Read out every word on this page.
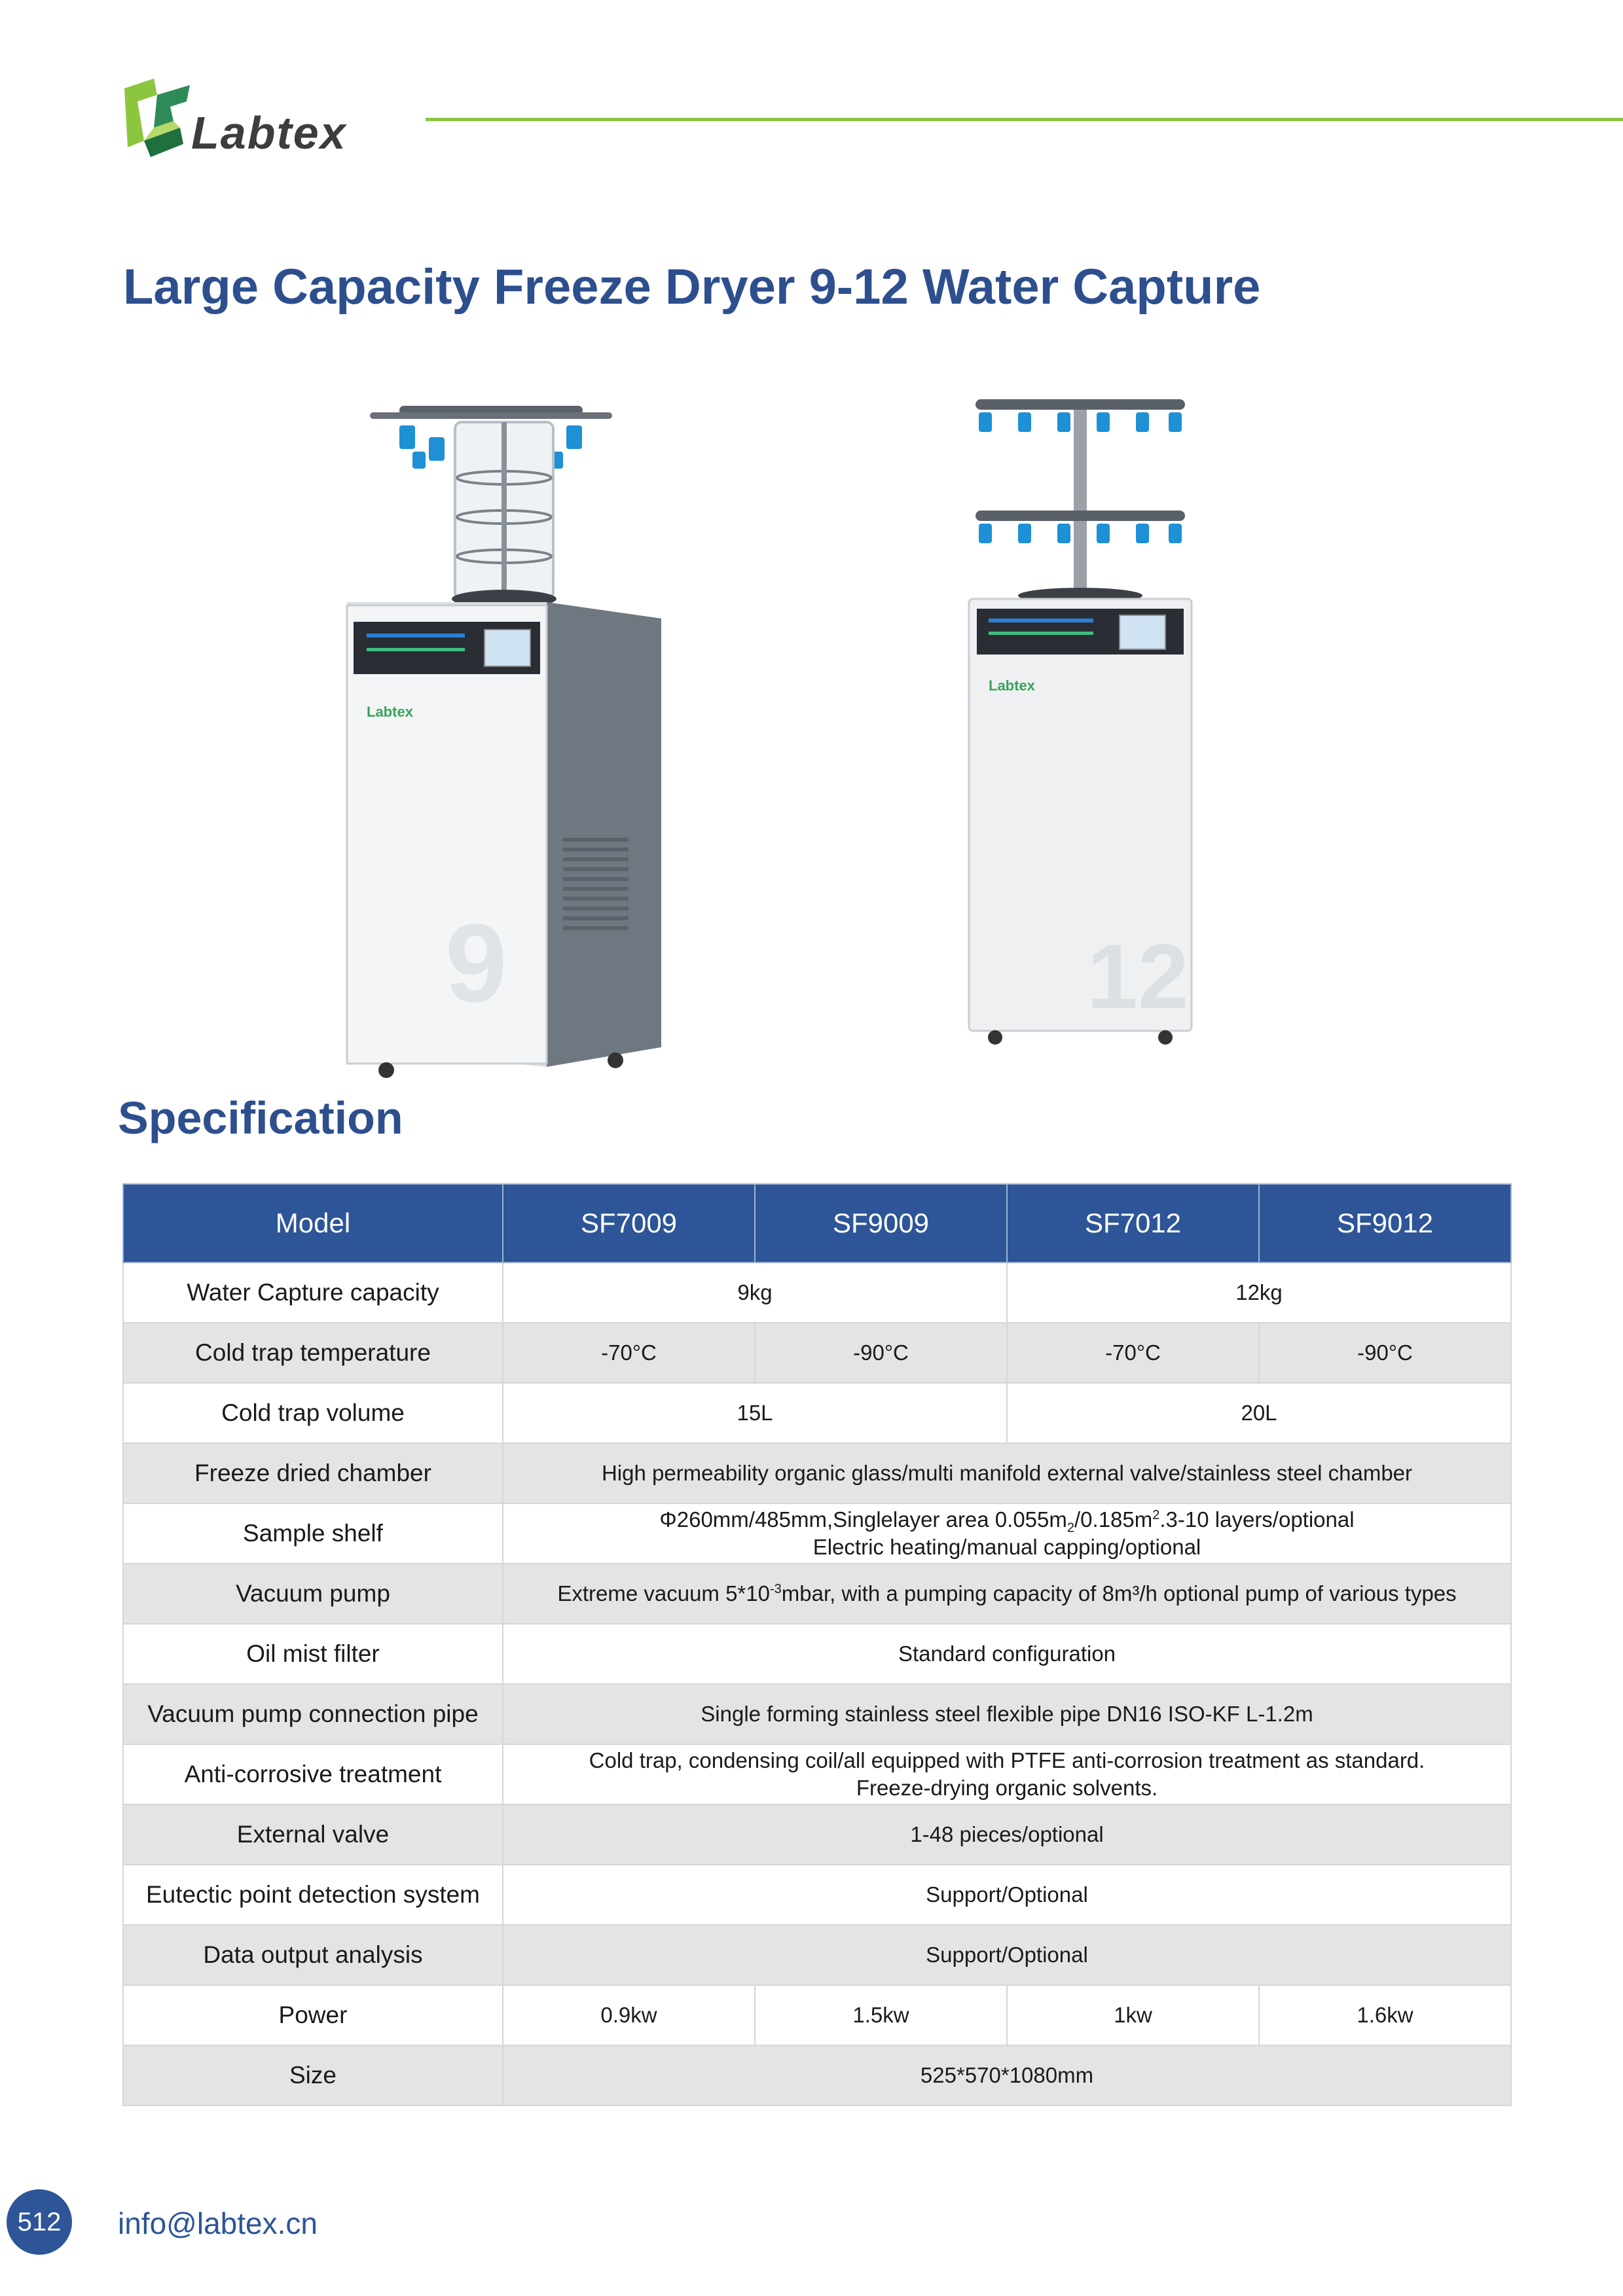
Labtex
Large Capacity Freeze Dryer 9-12 Water Capture
Labtex
9
Labtex
12
Specification
Model	SF7009	SF9009	SF7012	SF9012
Water Capture capacity	9kg		12kg	
Cold trap temperature	-70°C	-90°C	-70°C	-90°C
Cold trap volume	15L		20L	
Freeze dried chamber	High permeability organic glass/multi manifold external valve/stainless steel chamber			
Sample shelf	Φ260mm/485mm,Singlelayer area $0.055m_2/0.185m^2.3-10$ layers/optional
Electric heating/manual capping/optional			

Vacuum pump	Extreme vacuum $5*10^{-3}mbar$, with a pumping capacity of 8m³/h optional pump of various types			
Oil mist filter	Standard configuration			
Vacuum pump connection pipe	Single forming stainless steel flexible pipe DN16 ISO-KF L-1.2m			
Anti-corrosive treatment	Cold trap, condensing coil/all equipped with PTFE anti-corrosion treatment as standard.
Freeze-drying organic solvents.			

External valve	1-48 pieces/optional			
Eutectic point detection system	Support/Optional			
Data output analysis	Support/Optional			
Power	0.9kw	1.5kw	1kw	1.6kw
Size	525*570*1080mm			
512	info@labtex.cn
